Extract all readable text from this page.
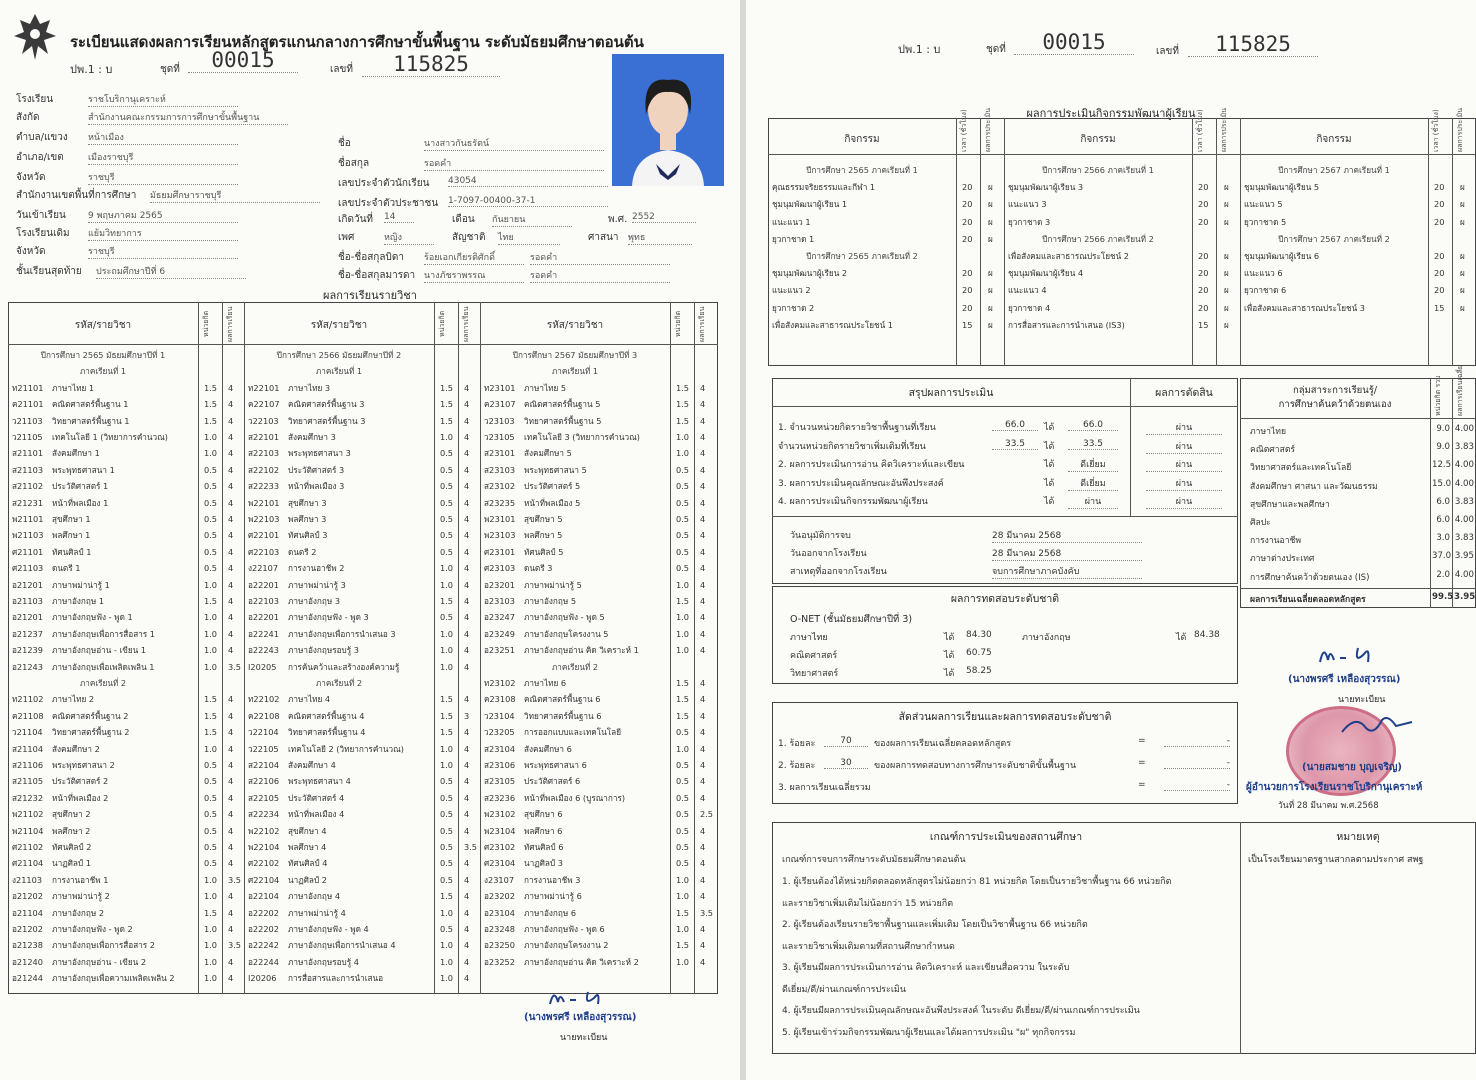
ระเบียนแสดงผลการเรียนหลักสูตรแกนกลางการศึกษาขั้นพื้นฐาน ระดับมัธยมศึกษาตอนต้น
ปพ.1 : บ	ชุดที่	00015	เลขที่	115825
โรงเรียน	ราชโบริกานุเคราะห์
สังกัด	สำนักงานคณะกรรมการการศึกษาขั้นพื้นฐาน
ตำบล/แขวง หน้าเมือง
อำเภอ/เขต	เมืองราชบุรี
จังหวัด	ราชบุรี
สำนักงานเขตพื้นที่การศึกษา มัธยมศึกษาราชบุรี
วันเข้าเรียน 9 พฤษภาคม 2565
โรงเรียนเดิม แย้มวิทยาการ
จังหวัด	ราชบุรี
ชั้นเรียนสุดท้าย ประถมศึกษาปีที่ 6
ชื่อ	นางสาวกันธรัตน์
ชื่อสกุล	รอดคำ
เลขประจำตัวนักเรียน 43054
เลขประจำตัวประชาชน 1-7097-00400-37-1
เกิดวันที่ 14	เดือน กันยายน	พ.ศ. 2552
เพศ	หญิง	สัญชาติ ไทย	ศาสนา พุทธ
ชื่อ-ชื่อสกุลบิดา ร้อยเอกเกียรติศักดิ์	รอดคำ
ชื่อ-ชื่อสกุลมารดา นางภัชราพรรณ	รอดคำ
ผลการเรียนรายวิชา
รหัส/รายวิชา	หน่วยกิต	ผลการเรียน	รหัส/รายวิชา	หน่วยกิต	ผลการเรียน	รหัส/รายวิชา	หน่วยกิต	ผลการเรียน
ปีการศึกษา 2565 มัธยมศึกษาปีที่ 1
ภาคเรียนที่ 1
ท21101 ภาษาไทย 1	1.5 4
ค21101 คณิตศาสตร์พื้นฐาน 1	1.5 4
ว21103 วิทยาศาสตร์พื้นฐาน 1	1.5 4
ว21105 เทคโนโลยี 1 (วิทยาการคำนวณ)	1.0 4
ส21101 สังคมศึกษา 1	1.0 4
ส21103 พระพุทธศาสนา 1	0.5 4
ส21102 ประวัติศาสตร์ 1	0.5 4
ส21231 หน้าที่พลเมือง 1	0.5 4
พ21101 สุขศึกษา 1	0.5 4
พ21103 พลศึกษา 1	0.5 4
ศ21101 ทัศนศิลป์ 1	0.5 4
ศ21103 ดนตรี 1	0.5 4
อ21201 ภาษาพม่าน่ารู้ 1	1.0 4
อ21103 ภาษาอังกฤษ 1	1.5 4
อ21201 ภาษาอังกฤษฟัง - พูด 1	1.0 4
อ21237 ภาษาอังกฤษเพื่อการสื่อสาร 1	1.0 4
อ21239 ภาษาอังกฤษอ่าน - เขียน 1	1.0 4
อ21243 ภาษาอังกฤษเพื่อเพลิดเพลิน 1	1.0 3.5
ภาคเรียนที่ 2
ท21102 ภาษาไทย 2	1.5 4
ค21108 คณิตศาสตร์พื้นฐาน 2	1.5 4
ว21104 วิทยาศาสตร์พื้นฐาน 2	1.5 4
ส21104 สังคมศึกษา 2	1.0 4
ส21106 พระพุทธศาสนา 2	0.5 4
ส21105 ประวัติศาสตร์ 2	0.5 4
ส21232 หน้าที่พลเมือง 2	0.5 4
พ21102 สุขศึกษา 2	0.5 4
พ21104 พลศึกษา 2	0.5 4
ศ21102 ทัศนศิลป์ 2	0.5 4
ศ21104 นาฏศิลป์ 1	0.5 4
ง21103 การงานอาชีพ 1	1.0 3.5
อ21202 ภาษาพม่าน่ารู้ 2	1.0 4
อ21104 ภาษาอังกฤษ 2	1.5 4
อ21202 ภาษาอังกฤษฟัง - พูด 2	1.0 4
อ21238 ภาษาอังกฤษเพื่อการสื่อสาร 2	1.0 3.5
อ21240 ภาษาอังกฤษอ่าน - เขียน 2	1.0 4
อ21244 ภาษาอังกฤษเพื่อความเพลิดเพลิน 2	1.0 4
ปีการศึกษา 2566 มัธยมศึกษาปีที่ 2
ภาคเรียนที่ 1
ท22101 ภาษาไทย 3	1.5 4
ค22107 คณิตศาสตร์พื้นฐาน 3	1.5 4
ว22103 วิทยาศาสตร์พื้นฐาน 3	1.5 4
ส22101 สังคมศึกษา 3	1.0 4
ส22103 พระพุทธศาสนา 3	0.5 4
ส22102 ประวัติศาสตร์ 3	0.5 4
ส22233 หน้าที่พลเมือง 3	0.5 4
พ22101 สุขศึกษา 3	0.5 4
พ22103 พลศึกษา 3	0.5 4
ศ22101 ทัศนศิลป์ 3	0.5 4
ศ22103 ดนตรี 2	0.5 4
ง22107 การงานอาชีพ 2	1.0 4
อ22201 ภาษาพม่าน่ารู้ 3	1.0 4
อ22103 ภาษาอังกฤษ 3	1.5 4
อ22201 ภาษาอังกฤษฟัง - พูด 3	0.5 4
อ22241 ภาษาอังกฤษเพื่อการนำเสนอ 3	1.0 4
อ22243 ภาษาอังกฤษรอบรู้ 3	1.0 4
I20205 การค้นคว้าและสร้างองค์ความรู้	1.0 4
ภาคเรียนที่ 2
ท22102 ภาษาไทย 4	1.5 4
ค22108 คณิตศาสตร์พื้นฐาน 4	1.5 3
ว22104 วิทยาศาสตร์พื้นฐาน 4	1.5 4
ว22105 เทคโนโลยี 2 (วิทยาการคำนวณ)	1.0 4
ส22104 สังคมศึกษา 4	1.0 4
ส22106 พระพุทธศาสนา 4	0.5 4
ส22105 ประวัติศาสตร์ 4	0.5 4
ส22234 หน้าที่พลเมือง 4	0.5 4
พ22102 สุขศึกษา 4	0.5 4
พ22104 พลศึกษา 4	0.5 3.5
ศ22102 ทัศนศิลป์ 4	0.5 4
ศ22104 นาฏศิลป์ 2	0.5 4
อ22104 ภาษาอังกฤษ 4	1.5 4
อ22202 ภาษาพม่าน่ารู้ 4	1.0 4
อ22202 ภาษาอังกฤษฟัง - พูด 4	0.5 4
อ22242 ภาษาอังกฤษเพื่อการนำเสนอ 4	1.0 4
อ22244 ภาษาอังกฤษรอบรู้ 4	1.0 4
I20206 การสื่อสารและการนำเสนอ	1.0 4
ปีการศึกษา 2567 มัธยมศึกษาปีที่ 3
ภาคเรียนที่ 1
ท23101 ภาษาไทย 5	1.5 4
ค23107 คณิตศาสตร์พื้นฐาน 5	1.5 4
ว23103 วิทยาศาสตร์พื้นฐาน 5	1.5 4
ว23105 เทคโนโลยี 3 (วิทยาการคำนวณ)	1.0 4
ส23101 สังคมศึกษา 5	1.0 4
ส23103 พระพุทธศาสนา 5	0.5 4
ส23102 ประวัติศาสตร์ 5	0.5 4
ส23235 หน้าที่พลเมือง 5	0.5 4
พ23101 สุขศึกษา 5	0.5 4
พ23103 พลศึกษา 5	0.5 4
ศ23101 ทัศนศิลป์ 5	0.5 4
ศ23103 ดนตรี 3	0.5 4
อ23201 ภาษาพม่าน่ารู้ 5	1.0 4
อ23103 ภาษาอังกฤษ 5	1.5 4
อ23247 ภาษาอังกฤษฟัง - พูด 5	1.0 4
อ23249 ภาษาอังกฤษโครงงาน 5	1.0 4
อ23251 ภาษาอังกฤษอ่าน คิด วิเคราะห์ 1	1.0 4
ภาคเรียนที่ 2
ท23102 ภาษาไทย 6	1.5 4
ค23108 คณิตศาสตร์พื้นฐาน 6	1.5 4
ว23104 วิทยาศาสตร์พื้นฐาน 6	1.5 4
ว23205 การออกแบบและเทคโนโลยี	0.5 4
ส23104 สังคมศึกษา 6	1.0 4
ส23106 พระพุทธศาสนา 6	0.5 4
ส23105 ประวัติศาสตร์ 6	0.5 4
ส23236 หน้าที่พลเมือง 6 (บูรณาการ)	0.5 4
พ23102 สุขศึกษา 6	0.5 2.5
พ23104 พลศึกษา 6	0.5 4
ศ23102 ทัศนศิลป์ 6	0.5 4
ศ23104 นาฏศิลป์ 3	0.5 4
ง23107 การงานอาชีพ 3	1.0 4
อ23202 ภาษาพม่าน่ารู้ 6	1.0 4
อ23104 ภาษาอังกฤษ 6	1.5 3.5
อ23248 ภาษาอังกฤษฟัง - พูด 6	1.0 4
อ23250 ภาษาอังกฤษโครงงาน 2	1.5 4
อ23252 ภาษาอังกฤษอ่าน คิด วิเคราะห์ 2	1.0 4
(นางพรศรี เหลืองสุวรรณ)
นายทะเบียน
ปพ.1 : บ	ชุดที่	00015	เลขที่	115825
ผลการประเมินกิจกรรมพัฒนาผู้เรียน
กิจกรรม	เวลา (ชั่วโมง)	ผลการประเมิน	กิจกรรม	เวลา (ชั่วโมง)	ผลการประเมิน	กิจกรรม	เวลา (ชั่วโมง)	ผลการประเมิน
ปีการศึกษา 2565 ภาคเรียนที่ 1
คุณธรรมจริยธรรมและกีฬา 1	20 ผ
ชุมนุมพัฒนาผู้เรียน 1	20 ผ
แนะแนว 1	20 ผ
ยุวกาชาด 1	20 ผ
ปีการศึกษา 2565 ภาคเรียนที่ 2
ชุมนุมพัฒนาผู้เรียน 2	20 ผ
แนะแนว 2	20 ผ
ยุวกาชาด 2	20 ผ
เพื่อสังคมและสาธารณประโยชน์ 1	15 ผ
ปีการศึกษา 2566 ภาคเรียนที่ 1
ชุมนุมพัฒนาผู้เรียน 3	20 ผ
แนะแนว 3	20 ผ
ยุวกาชาด 3	20 ผ
ปีการศึกษา 2566 ภาคเรียนที่ 2
เพื่อสังคมและสาธารณประโยชน์ 2	20 ผ
ชุมนุมพัฒนาผู้เรียน 4	20 ผ
แนะแนว 4	20 ผ
ยุวกาชาด 4	20 ผ
การสื่อสารและการนำเสนอ (IS3)	15 ผ
ปีการศึกษา 2567 ภาคเรียนที่ 1
ชุมนุมพัฒนาผู้เรียน 5	20 ผ
แนะแนว 5	20 ผ
ยุวกาชาด 5	20 ผ
ปีการศึกษา 2567 ภาคเรียนที่ 2
ชุมนุมพัฒนาผู้เรียน 6	20 ผ
แนะแนว 6	20 ผ
ยุวกาชาด 6	20 ผ
เพื่อสังคมและสาธารณประโยชน์ 3	15 ผ
สรุปผลการประเมิน	ผลการตัดสิน
1. จำนวนหน่วยกิตรายวิชาพื้นฐานที่เรียน	66.0	ได้	66.0	ผ่าน
จำนวนหน่วยกิตรายวิชาเพิ่มเติมที่เรียน	33.5	ได้	33.5	ผ่าน
2. ผลการประเมินการอ่าน คิดวิเคราะห์และเขียน	ได้	ดีเยี่ยม	ผ่าน
3. ผลการประเมินคุณลักษณะอันพึงประสงค์	ได้	ดีเยี่ยม	ผ่าน
4. ผลการประเมินกิจกรรมพัฒนาผู้เรียน	ได้	ผ่าน	ผ่าน
วันอนุมัติการจบ	28 มีนาคม 2568
วันออกจากโรงเรียน	28 มีนาคม 2568
สาเหตุที่ออกจากโรงเรียน	จบการศึกษาภาคบังคับ
กลุ่มสาระการเรียนรู้/
การศึกษาค้นคว้าด้วยตนเอง	หน่วยกิต รวม	ผลการเรียนเฉลี่ย
ภาษาไทย	9.0 4.00
คณิตศาสตร์	9.0 3.83
วิทยาศาสตร์และเทคโนโลยี	12.5 4.00
สังคมศึกษา ศาสนา และวัฒนธรรม	15.0 4.00
สุขศึกษาและพลศึกษา	6.0 3.83
ศิลปะ	6.0 4.00
การงานอาชีพ	3.0 3.83
ภาษาต่างประเทศ	37.0 3.95
การศึกษาค้นคว้าด้วยตนเอง (IS)	2.0 4.00
ผลการเรียนเฉลี่ยตลอดหลักสูตร	99.5 3.95
ผลการทดสอบระดับชาติ
O-NET (ชั้นมัธยมศึกษาปีที่ 3)
ภาษาไทย	ได้ 84.30
คณิตศาสตร์	ได้ 60.75
วิทยาศาสตร์	ได้ 58.25
ภาษาอังกฤษ	ได้ 84.38
สัดส่วนผลการเรียนและผลการทดสอบระดับชาติ
1. ร้อยละ	70	ของผลการเรียนเฉลี่ยตลอดหลักสูตร	=	-
2. ร้อยละ	30	ของผลการทดสอบทางการศึกษาระดับชาติขั้นพื้นฐาน	=	-
3. ผลการเรียนเฉลี่ยรวม	=	-
(นางพรศรี เหลืองสุวรรณ)
นายทะเบียน
(นายสมชาย บุญเจริญ)
ผู้อำนวยการโรงเรียนราชโบริกานุเคราะห์
วันที่ 28 มีนาคม พ.ศ.2568
เกณฑ์การประเมินของสถานศึกษา	หมายเหตุ
เป็นโรงเรียนมาตรฐานสากลตามประกาศ สพฐ
เกณฑ์การจบการศึกษาระดับมัธยมศึกษาตอนต้น
1. ผู้เรียนต้องได้หน่วยกิตตลอดหลักสูตรไม่น้อยกว่า 81 หน่วยกิต โดยเป็นรายวิชาพื้นฐาน 66 หน่วยกิต
และรายวิชาเพิ่มเติมไม่น้อยกว่า 15 หน่วยกิต
2. ผู้เรียนต้องเรียนรายวิชาพื้นฐานและเพิ่มเติม โดยเป็นวิชาพื้นฐาน 66 หน่วยกิต
และรายวิชาเพิ่มเติมตามที่สถานศึกษากำหนด
3. ผู้เรียนมีผลการประเมินการอ่าน คิดวิเคราะห์ และเขียนสื่อความ ในระดับ
ดีเยี่ยม/ดี/ผ่านเกณฑ์การประเมิน
4. ผู้เรียนมีผลการประเมินคุณลักษณะอันพึงประสงค์ ในระดับ ดีเยี่ยม/ดี/ผ่านเกณฑ์การประเมิน
5. ผู้เรียนเข้าร่วมกิจกรรมพัฒนาผู้เรียนและได้ผลการประเมิน "ผ" ทุกกิจกรรม
